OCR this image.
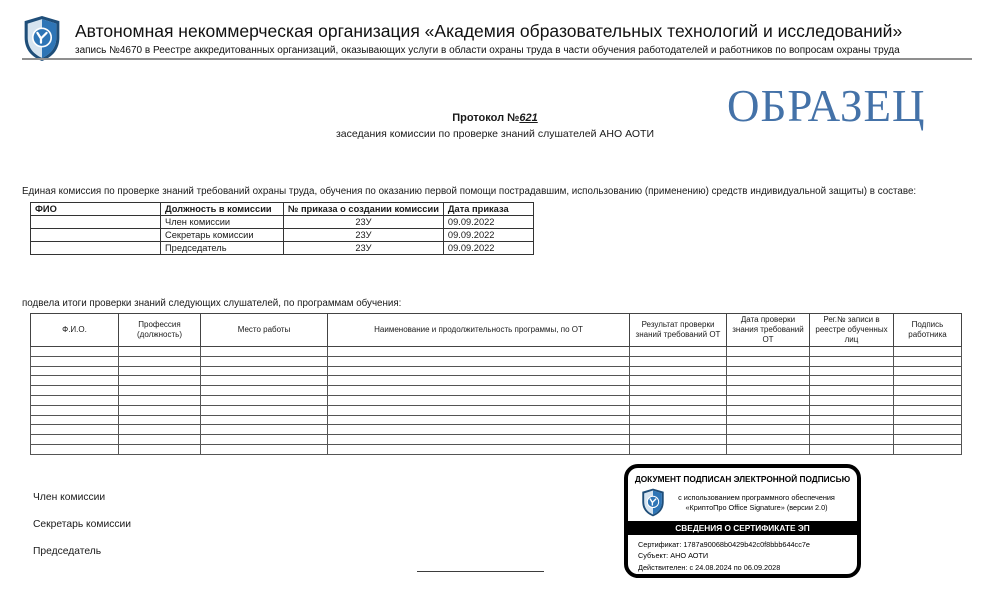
Автономная некоммерческая организация «Академия образовательных технологий и исследований»
запись №4670 в Реестре аккредитованных организаций, оказывающих услуги в области охраны труда в части обучения работодателей и работников по вопросам охраны труда
ОБРАЗЕЦ
Протокол №621
заседания комиссии по проверке знаний слушателей АНО АОТИ
Единая комиссия по проверке знаний требований охраны труда, обучения по оказанию первой помощи пострадавшим, использованию (применению) средств индивидуальной защиты) в составе:
ФИО	Должность в комиссии	№ приказа о создании комиссии	Дата приказа
	Член комиссии	23У	09.09.2022
	Секретарь комиссии	23У	09.09.2022
	Председатель	23У	09.09.2022
подвела итоги проверки знаний следующих слушателей, по программам обучения:
Ф.И.О.	Профессия (должность)	Место работы	Наименование и продолжительность программы, по ОТ	Результат проверки знаний требований ОТ	Дата проверки знания требований ОТ	Рег.№ записи в реестре обученных лиц	Подпись работника

Член комиссии
Секретарь комиссии
Председатель
ДОКУМЕНТ ПОДПИСАН ЭЛЕКТРОННОЙ ПОДПИСЬЮ
с использованием программного обеспечения
«КриптоПро Office Signature» (версии 2.0)
СВЕДЕНИЯ О СЕРТИФИКАТЕ ЭП
Сертификат: 1787a90068b0429b42c0f8bbb644cc7e
Субъект: АНО АОТИ
Действителен: с 24.08.2024 по 06.09.2028
